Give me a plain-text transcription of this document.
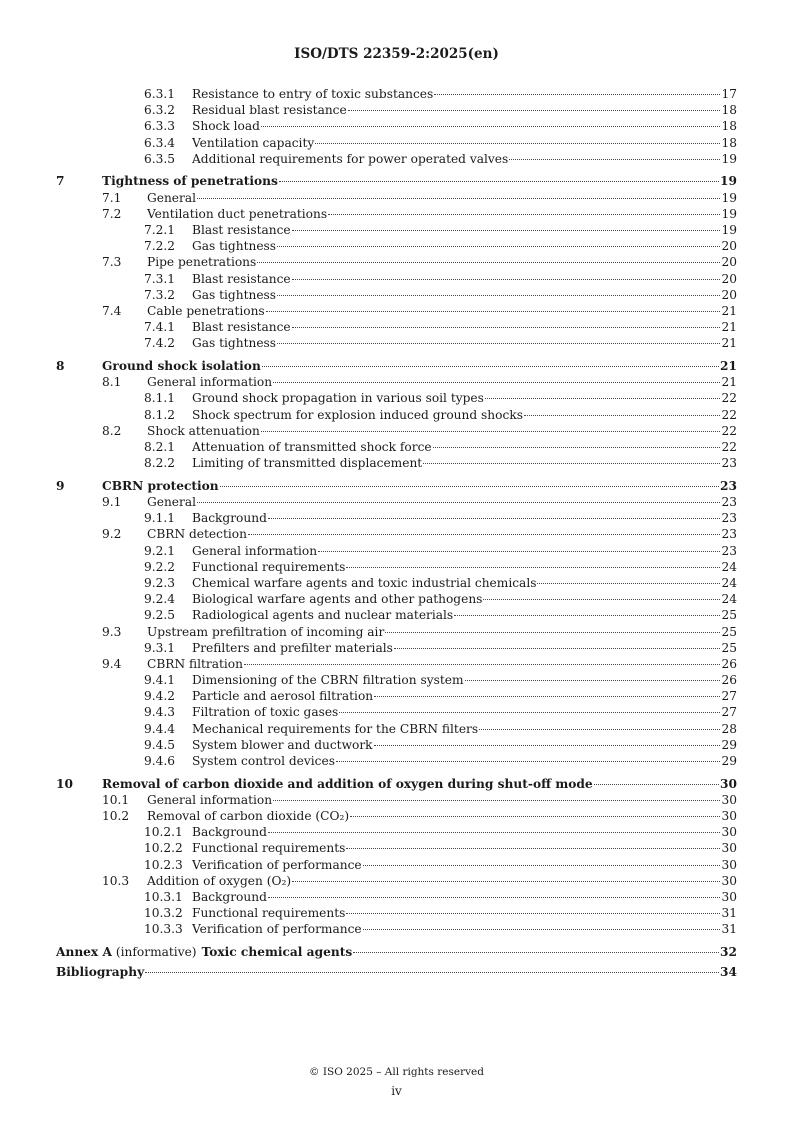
ISO/DTS 22359-2:2025(en)
6.3.1 Resistance to entry of toxic substances	17
6.3.2 Residual blast resistance	18
6.3.3 Shock load	18
6.3.4 Ventilation capacity	18
6.3.5 Additional requirements for power operated valves	19
7	Tightness of penetrations	19
7.1 General	19
7.2 Ventilation duct penetrations	19
7.2.1 Blast resistance	19
7.2.2 Gas tightness	20
7.3 Pipe penetrations	20
7.3.1 Blast resistance	20
7.3.2 Gas tightness	20
7.4 Cable penetrations	21
7.4.1 Blast resistance	21
7.4.2 Gas tightness	21
8	Ground shock isolation	21
8.1 General information	21
8.1.1 Ground shock propagation in various soil types	22
8.1.2 Shock spectrum for explosion induced ground shocks	22
8.2 Shock attenuation	22
8.2.1 Attenuation of transmitted shock force	22
8.2.2 Limiting of transmitted displacement	23
9	CBRN protection	23
9.1 General	23
9.1.1 Background	23
9.2 CBRN detection	23
9.2.1 General information	23
9.2.2 Functional requirements	24
9.2.3 Chemical warfare agents and toxic industrial chemicals	24
9.2.4 Biological warfare agents and other pathogens	24
9.2.5 Radiological agents and nuclear materials	25
9.3 Upstream prefiltration of incoming air	25
9.3.1 Prefilters and prefilter materials	25
9.4 CBRN filtration	26
9.4.1 Dimensioning of the CBRN filtration system	26
9.4.2 Particle and aerosol filtration	27
9.4.3 Filtration of toxic gases	27
9.4.4 Mechanical requirements for the CBRN filters	28
9.4.5 System blower and ductwork	29
9.4.6 System control devices	29
10 Removal of carbon dioxide and addition of oxygen during shut-off mode	30
10.1 General information	30
10.2 Removal of carbon dioxide (CO₂)	30
10.2.1 Background	30
10.2.2 Functional requirements	30
10.2.3 Verification of performance	30
10.3 Addition of oxygen (O₂)	30
10.3.1 Background	30
10.3.2 Functional requirements	31
10.3.3 Verification of performance	31
Annex A (informative) Toxic chemical agents	32
Bibliography	34
© ISO 2025 – All rights reserved
iv
